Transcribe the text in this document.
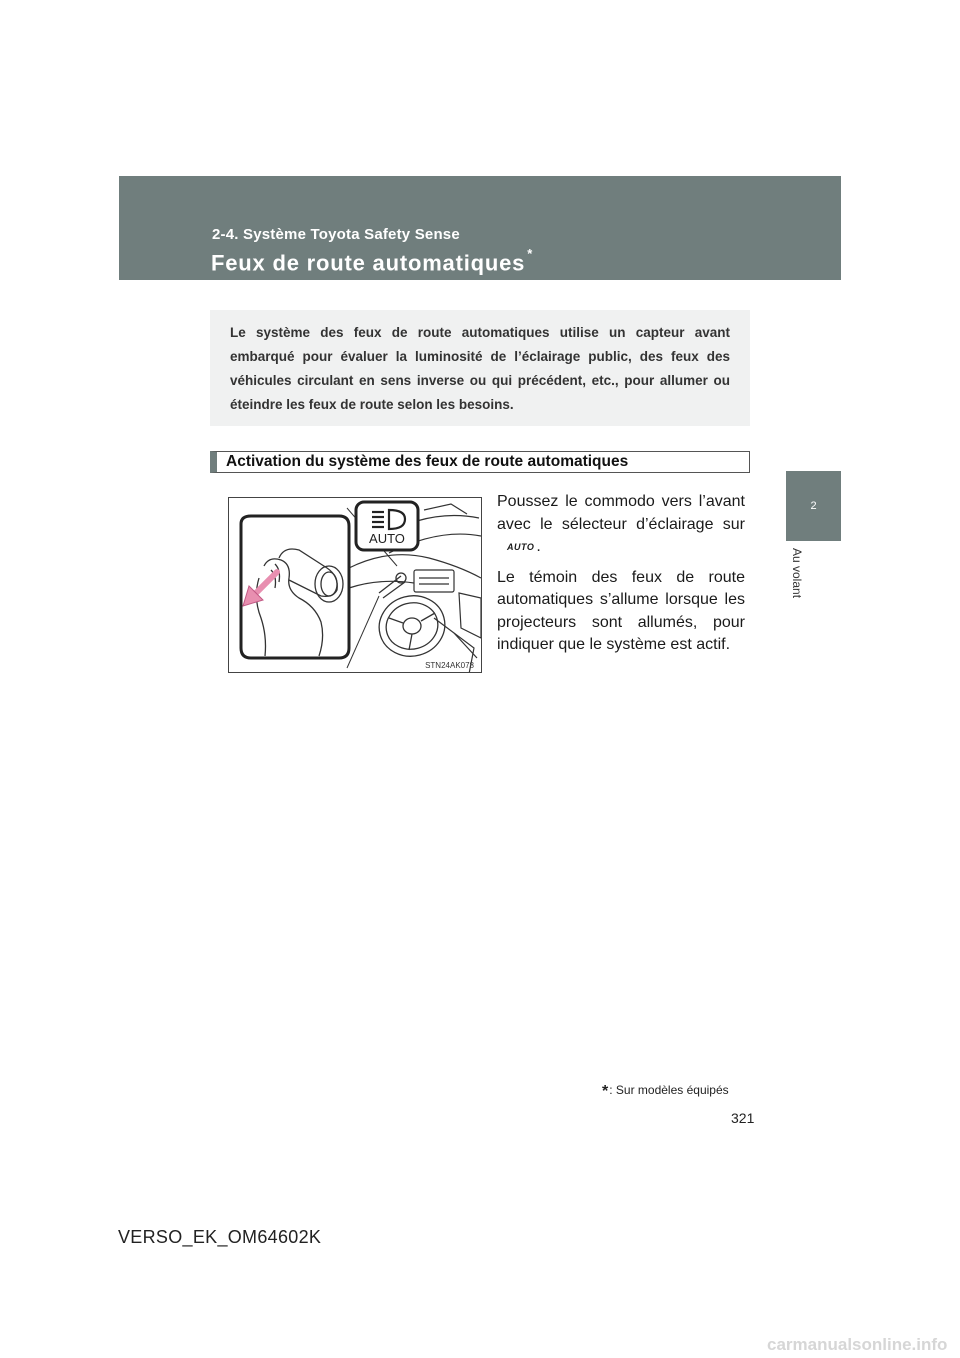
2-4. Système Toyota Safety Sense
Feux de route automatiques *
2
Au volant

Le système des feux de route automatiques utilise un capteur avant embarqué pour évaluer la luminosité de l’éclairage public, des feux des véhicules circulant en sens inverse ou qui précédent, etc., pour allumer ou éteindre les feux de route selon les besoins.

Activation du système des feux de route automatiques
AUTO
STN24AK078

Poussez le commodo vers l’avant avec le sélecteur d’éclairage surAUTO .

Le témoin des feux de route automatiques s’allume lorsque les projecteurs sont allumés, pour indiquer que le système est actif.

*: Sur modèles équipés
321
VERSO_EK_OM64602K
carmanualsonline.info
